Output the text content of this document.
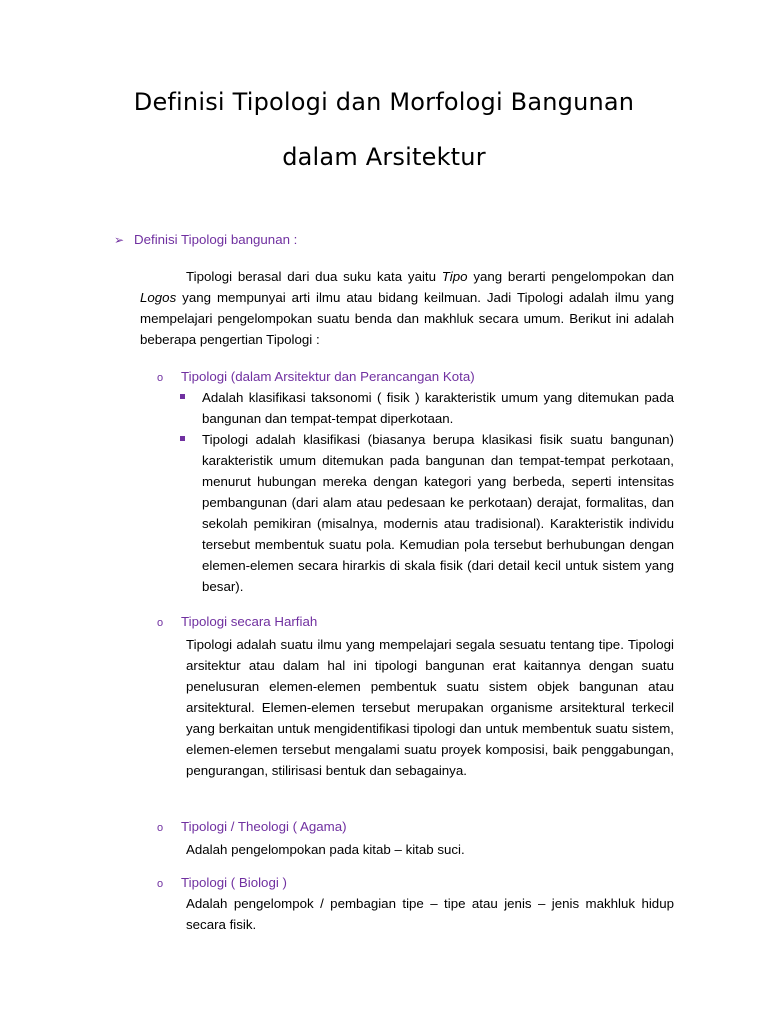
Definisi Tipologi dan Morfologi Bangunan
dalam Arsitektur
➢ Definisi Tipologi bangunan :
Tipologi berasal dari dua suku kata yaitu Tipo yang berarti pengelompokan dan Logos yang mempunyai arti ilmu atau bidang keilmuan. Jadi Tipologi adalah ilmu yang mempelajari pengelompokan suatu benda dan makhluk secara umum. Berikut ini adalah beberapa pengertian Tipologi :
o Tipologi (dalam Arsitektur dan Perancangan Kota)
Adalah klasifikasi taksonomi ( fisik ) karakteristik umum yang ditemukan pada bangunan dan tempat-tempat diperkotaan.
Tipologi adalah klasifikasi (biasanya berupa klasikasi fisik suatu bangunan) karakteristik umum ditemukan pada bangunan dan tempat-tempat perkotaan, menurut hubungan mereka dengan kategori yang berbeda, seperti intensitas pembangunan (dari alam atau pedesaan ke perkotaan) derajat, formalitas, dan sekolah pemikiran (misalnya, modernis atau tradisional). Karakteristik individu tersebut membentuk suatu pola. Kemudian pola tersebut berhubungan dengan elemen-elemen secara hirarkis di skala fisik (dari detail kecil untuk sistem yang besar).
o Tipologi secara Harfiah
Tipologi adalah suatu ilmu yang mempelajari segala sesuatu tentang tipe. Tipologi arsitektur atau dalam hal ini tipologi bangunan erat kaitannya dengan suatu penelusuran elemen-elemen pembentuk suatu sistem objek bangunan atau arsitektural. Elemen-elemen tersebut merupakan organisme arsitektural terkecil yang berkaitan untuk mengidentifikasi tipologi dan untuk membentuk suatu sistem, elemen-elemen tersebut mengalami suatu proyek komposisi, baik penggabungan, pengurangan, stilirisasi bentuk dan sebagainya.
o Tipologi / Theologi ( Agama)
Adalah pengelompokan pada kitab – kitab suci.
o Tipologi ( Biologi )
Adalah pengelompok / pembagian tipe – tipe atau jenis – jenis makhluk hidup secara fisik.
